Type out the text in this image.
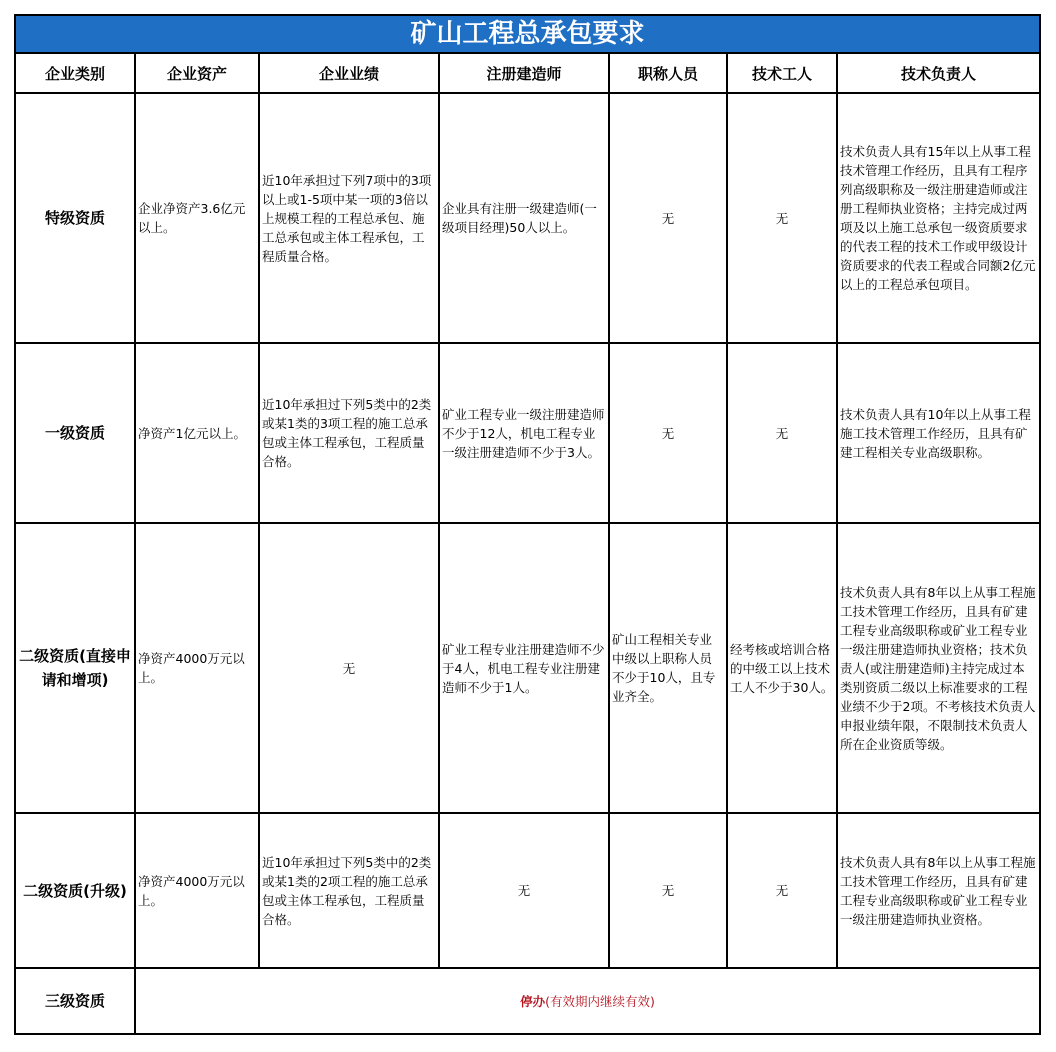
矿山工程总承包要求						
企业类别	企业资产	企业业绩	注册建造师	职称人员	技术工人	技术负责人
特级资质	企业净资产3.6亿元以上。	近10年承担过下列7项中的3项以上或1-5项中某一项的3倍以上规模工程的工程总承包、施工总承包或主体工程承包，工程质量合格。	企业具有注册一级建造师(一级项目经理)50人以上。	无	无	技术负责人具有15年以上从事工程技术管理工作经历，且具有工程序列高级职称及一级注册建造师或注册工程师执业资格；主持完成过两项及以上施工总承包一级资质要求的代表工程的技术工作或甲级设计资质要求的代表工程或合同额2亿元以上的工程总承包项目。
一级资质	净资产1亿元以上。	近10年承担过下列5类中的2类或某1类的3项工程的施工总承包或主体工程承包，工程质量合格。	矿业工程专业一级注册建造师不少于12人，机电工程专业一级注册建造师不少于3人。	无	无	技术负责人具有10年以上从事工程施工技术管理工作经历，且具有矿建工程相关专业高级职称。
二级资质(直接申请和增项)	净资产4000万元以上。	无	矿业工程专业注册建造师不少于4人，机电工程专业注册建造师不少于1人。	矿山工程相关专业中级以上职称人员不少于10人，且专业齐全。	经考核或培训合格的中级工以上技术工人不少于30人。	技术负责人具有8年以上从事工程施工技术管理工作经历，且具有矿建工程专业高级职称或矿业工程专业一级注册建造师执业资格；技术负责人(或注册建造师)主持完成过本类别资质二级以上标准要求的工程业绩不少于2项。不考核技术负责人申报业绩年限，不限制技术负责人所在企业资质等级。
二级资质(升级)	净资产4000万元以上。	近10年承担过下列5类中的2类或某1类的2项工程的施工总承包或主体工程承包，工程质量合格。	无	无	无	技术负责人具有8年以上从事工程施工技术管理工作经历，且具有矿建工程专业高级职称或矿业工程专业一级注册建造师执业资格。
三级资质	停办(有效期内继续有效)					
